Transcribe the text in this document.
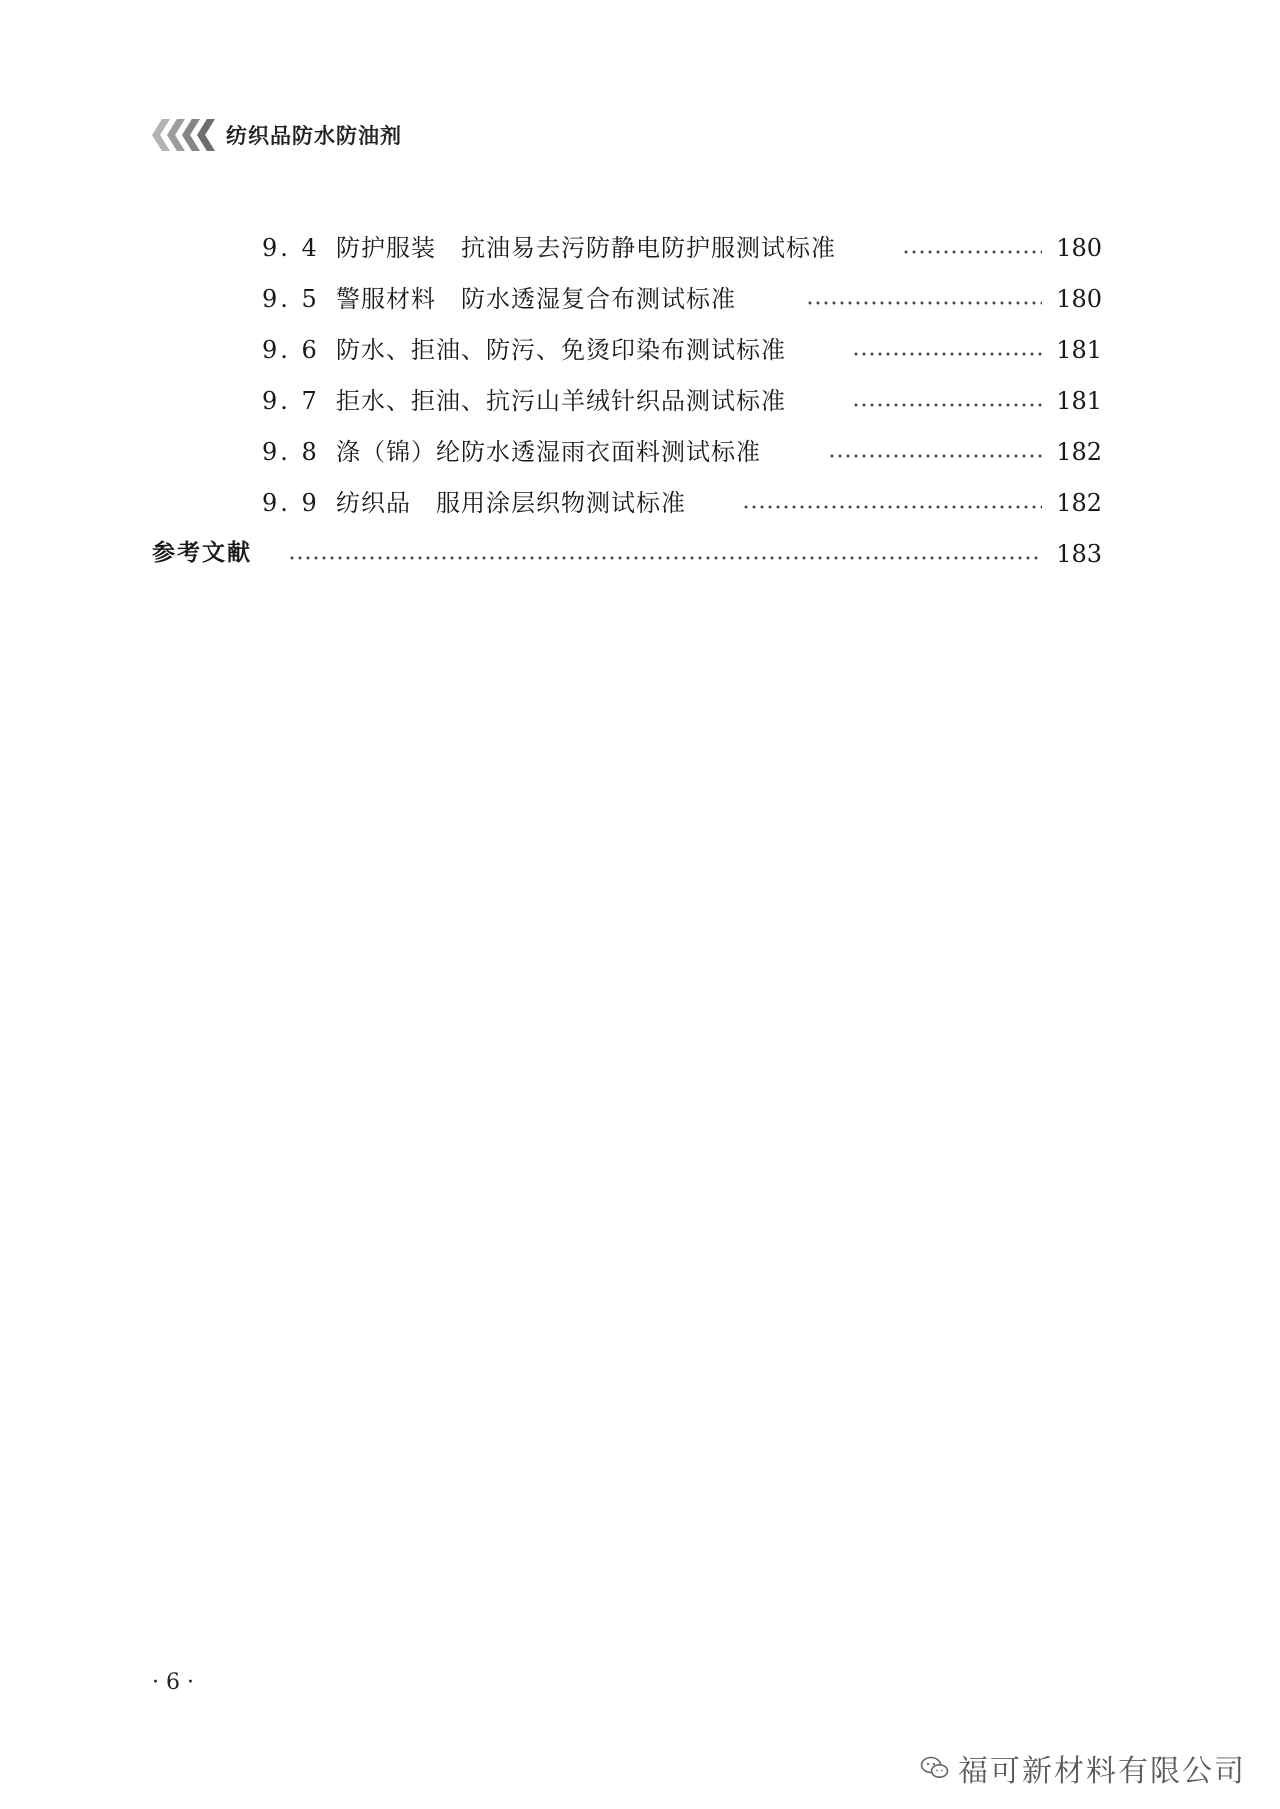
纺织品防水防油剂
9. 4 防护服装　抗油易去污防静电防护服测试标准	180
9. 5 警服材料　防水透湿复合布测试标准	180
9. 6 防水、拒油、防污、免烫印染布测试标准	181
9. 7 拒水、拒油、抗污山羊绒针织品测试标准	181
9. 8 涤（锦）纶防水透湿雨衣面料测试标准	182
9. 9 纺织品　服用涂层织物测试标准	182
参考文献	183
· 6 ·
福可新材料有限公司
